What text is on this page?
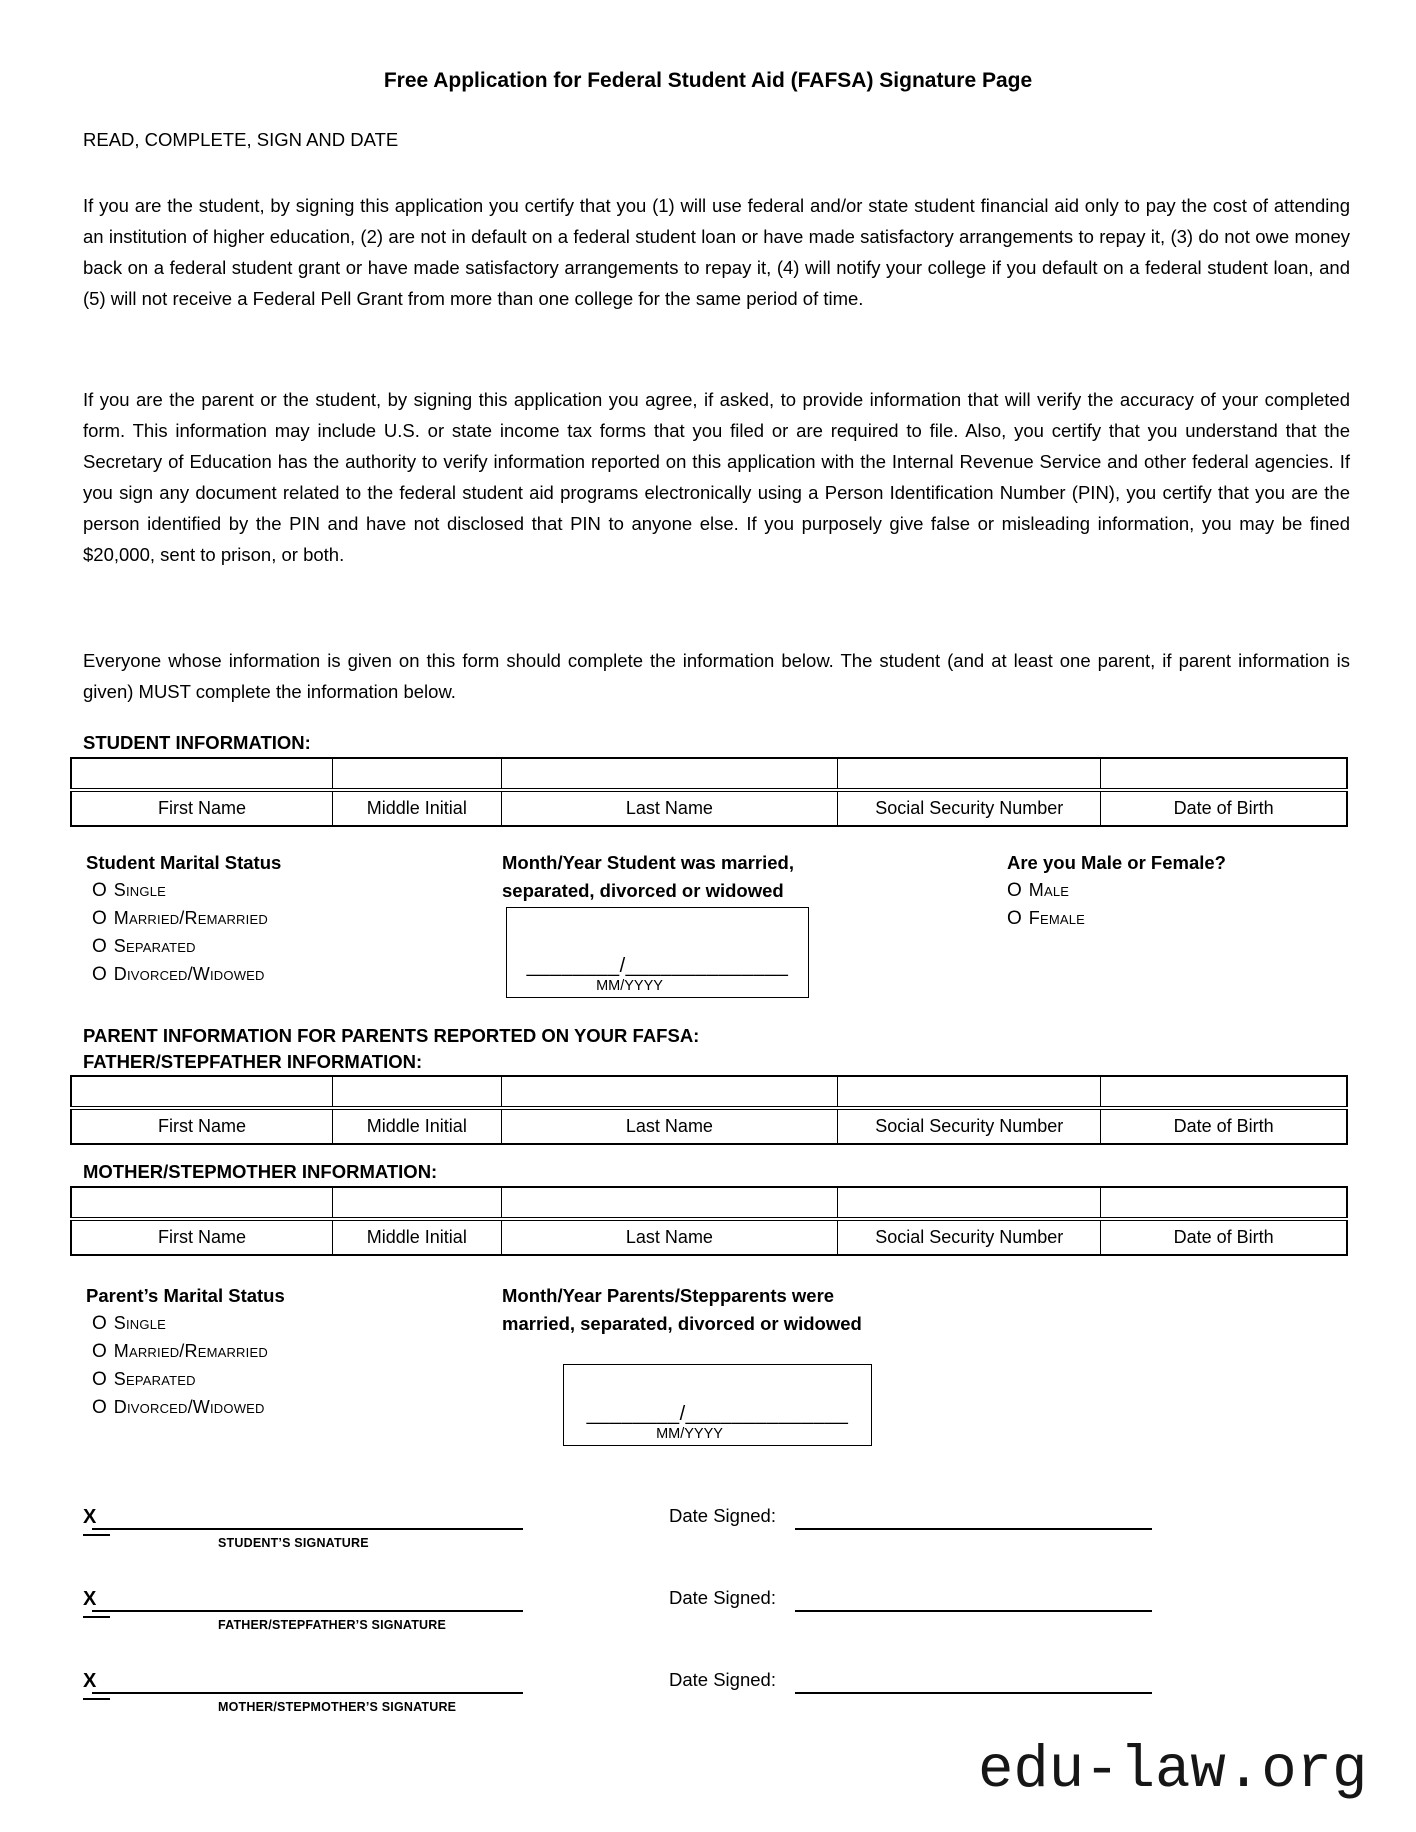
Free Application for Federal Student Aid (FAFSA) Signature Page
READ, COMPLETE, SIGN AND DATE

If you are the student, by signing this application you certify that you (1) will use federal and/or state student financial aid only to pay the cost of attending an institution of higher education, (2) are not in default on a federal student loan or have made satisfactory arrangements to repay it, (3) do not owe money back on a federal student grant or have made satisfactory arrangements to repay it, (4) will notify your college if you default on a federal student loan, and (5) will not receive a Federal Pell Grant from more than one college for the same period of time.

If you are the parent or the student, by signing this application you agree, if asked, to provide information that will verify the accuracy of your completed form. This information may include U.S. or state income tax forms that you filed or are required to file. Also, you certify that you understand that the Secretary of Education has the authority to verify information reported on this application with the Internal Revenue Service and other federal agencies. If you sign any document related to the federal student aid programs electronically using a Person Identification Number (PIN), you certify that you are the person identified by the PIN and have not disclosed that PIN to anyone else. If you purposely give false or misleading information, you may be fined $20,000, sent to prison, or both.

Everyone whose information is given on this form should complete the information below. The student (and at least one parent, if parent information is given) MUST complete the information below.

STUDENT INFORMATION:

First Name	Middle Initial	Last Name	Social Security Number	Date of Birth
Student Marital Status
O Single
O Married/Remarried
O Separated
O Divorced/Widowed
Month/Year Student was married,
separated, divorced or widowed
________/______________
MM/YYYY
Are you Male or Female?
O Male
O Female
PARENT INFORMATION FOR PARENTS REPORTED ON YOUR FAFSA:
FATHER/STEPFATHER INFORMATION:

First Name	Middle Initial	Last Name	Social Security Number	Date of Birth
MOTHER/STEPMOTHER INFORMATION:

First Name	Middle Initial	Last Name	Social Security Number	Date of Birth
Parent’s Marital Status
O Single
O Married/Remarried
O Separated
O Divorced/Widowed
Month/Year Parents/Stepparents were
married, separated, divorced or widowed
________/______________
MM/YYYY
X
STUDENT’S SIGNATURE
Date Signed:
X
FATHER/STEPFATHER’S SIGNATURE
Date Signed:
X
MOTHER/STEPMOTHER’S SIGNATURE
Date Signed:
edu-law.org
